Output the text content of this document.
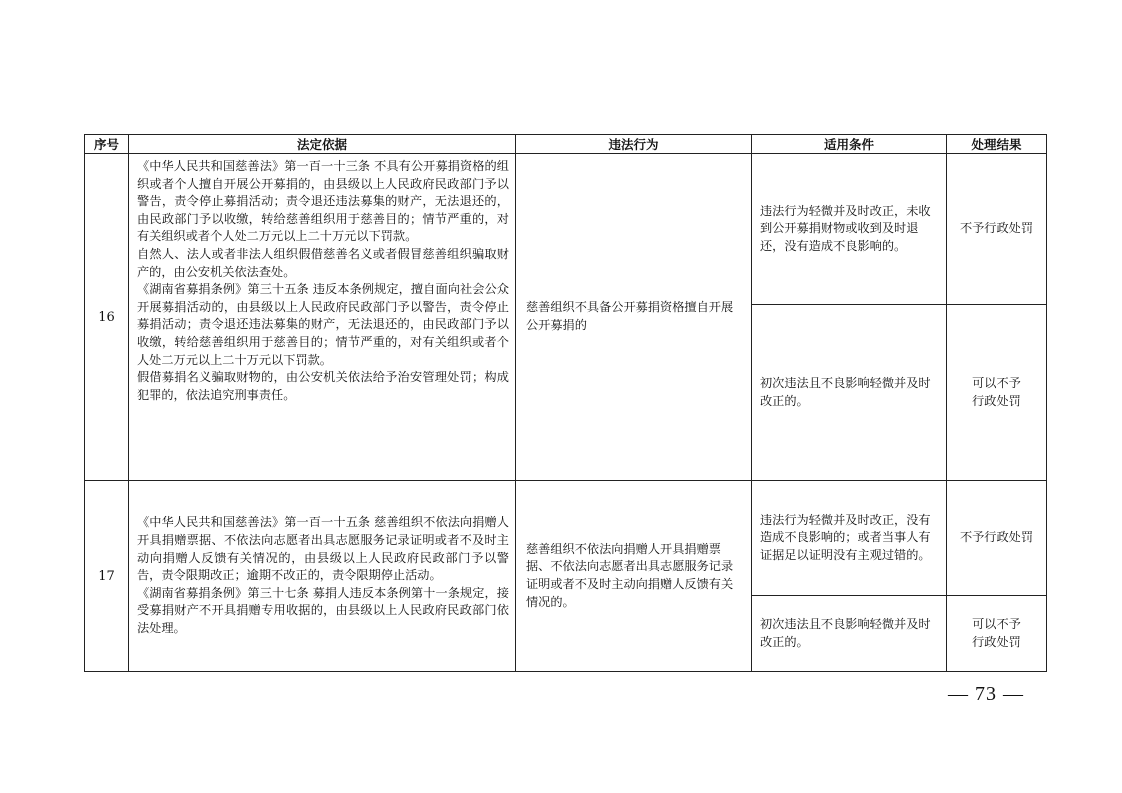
序号	法定依据	违法行为	适用条件	处理结果
16	《中华人民共和国慈善法》第一百一十三条 不具有公开募捐资格的组织或者个人擅自开展公开募捐的，由县级以上人民政府民政部门予以警告，责令停止募捐活动；责令退还违法募集的财产，无法退还的，由民政部门予以收缴，转给慈善组织用于慈善目的；情节严重的，对有关组织或者个人处二万元以上二十万元以下罚款。

自然人、法人或者非法人组织假借慈善名义或者假冒慈善组织骗取财产的，由公安机关依法查处。

《湖南省募捐条例》第三十五条 违反本条例规定，擅自面向社会公众开展募捐活动的，由县级以上人民政府民政部门予以警告，责令停止募捐活动；责令退还违法募集的财产，无法退还的，由民政部门予以收缴，转给慈善组织用于慈善目的；情节严重的，对有关组织或者个人处二万元以上二十万元以下罚款。

假借募捐名义骗取财物的，由公安机关依法给予治安管理处罚；构成犯罪的，依法追究刑事责任。	慈善组织不具备公开募捐资格擅自开展公开募捐的	违法行为轻微并及时改正，未收到公开募捐财物或收到及时退还，没有造成不良影响的。	不予行政处罚
			初次违法且不良影响轻微并及时改正的。	可以不予行政处罚
17	《中华人民共和国慈善法》第一百一十五条 慈善组织不依法向捐赠人开具捐赠票据、不依法向志愿者出具志愿服务记录证明或者不及时主动向捐赠人反馈有关情况的，由县级以上人民政府民政部门予以警告，责令限期改正；逾期不改正的，责令限期停止活动。

《湖南省募捐条例》第三十七条 募捐人违反本条例第十一条规定，接受募捐财产不开具捐赠专用收据的，由县级以上人民政府民政部门依法处理。	慈善组织不依法向捐赠人开具捐赠票据、不依法向志愿者出具志愿服务记录证明或者不及时主动向捐赠人反馈有关情况的。	违法行为轻微并及时改正，没有造成不良影响的；或者当事人有证据足以证明没有主观过错的。	不予行政处罚
			初次违法且不良影响轻微并及时改正的。	可以不予行政处罚
— 73 —
